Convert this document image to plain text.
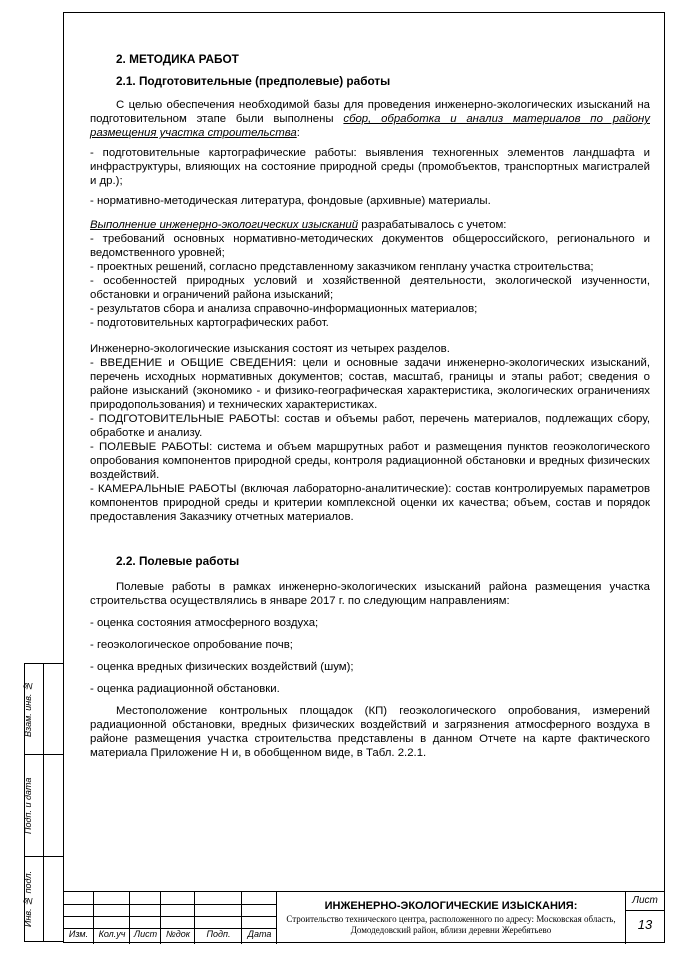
2. МЕТОДИКА РАБОТ

2.1. Подготовительные (предполевые) работы

С целью обеспечения необходимой базы для проведения инженерно-экологических изысканий на подготовительном этапе были выполнены сбор, обработка и анализ материалов по району размещения участка строительства:

- подготовительные картографические работы: выявления техногенных элементов ландшафта и инфраструктуры, влияющих на состояние природной среды (промобъектов, транспортных магистралей и др.);

- нормативно-методическая литература, фондовые (архивные) материалы.

Выполнение инженерно-экологических изысканий разрабатывалось с учетом:

- требований основных нормативно-методических документов общероссийского, регионального и ведомственного уровней;

- проектных решений, согласно представленному заказчиком генплану участка строительства;

- особенностей природных условий и хозяйственной деятельности, экологической изученности, обстановки и ограничений района изысканий;

- результатов сбора и анализа справочно-информационных материалов;

- подготовительных картографических работ.

Инженерно-экологические изыскания состоят из четырех разделов.

- ВВЕДЕНИЕ и ОБЩИЕ СВЕДЕНИЯ: цели и основные задачи инженерно-экологических изысканий, перечень исходных нормативных документов; состав, масштаб, границы и этапы работ; сведения о районе изысканий (экономико - и физико-географическая характеристика, экологических ограничениях природопользования) и технических характеристиках.

- ПОДГОТОВИТЕЛЬНЫЕ РАБОТЫ: состав и объемы работ, перечень материалов, подлежащих сбору, обработке и анализу.

- ПОЛЕВЫЕ РАБОТЫ: система и объем маршрутных работ и размещения пунктов геоэкологического опробования компонентов природной среды, контроля радиационной обстановки и вредных физических воздействий.

- КАМЕРАЛЬНЫЕ РАБОТЫ (включая лабораторно-аналитические): состав контролируемых параметров компонентов природной среды и критерии комплексной оценки их качества; объем, состав и порядок предоставления Заказчику отчетных материалов.

2.2. Полевые работы

Полевые работы в рамках инженерно-экологических изысканий района размещения участка строительства осуществлялись в январе 2017 г. по следующим направлениям:

- оценка состояния атмосферного воздуха;

- геоэкологическое опробование почв;

- оценка вредных физических воздействий (шум);

- оценка радиационной обстановки.

Местоположение контрольных площадок (КП) геоэкологического опробования, измерений радиационной обстановки, вредных физических воздействий и загрязнения атмосферного воздуха в районе размещения участка строительства представлены в данном Отчете на карте фактического материала Приложение Н и, в обобщенном виде, в Табл. 2.2.1.

Взам. инв. №
Подп. и дата
Инв. № подл.
Изм.	Кол.уч Лист №док	Подп.	Дата
ИНЖЕНЕРНО-ЭКОЛОГИЧЕСКИЕ ИЗЫСКАНИЯ:
Строительство технического центра, расположенного по адресу: Московская область, Домодедовский район, вблизи деревни Жеребятьево
Лист
13
